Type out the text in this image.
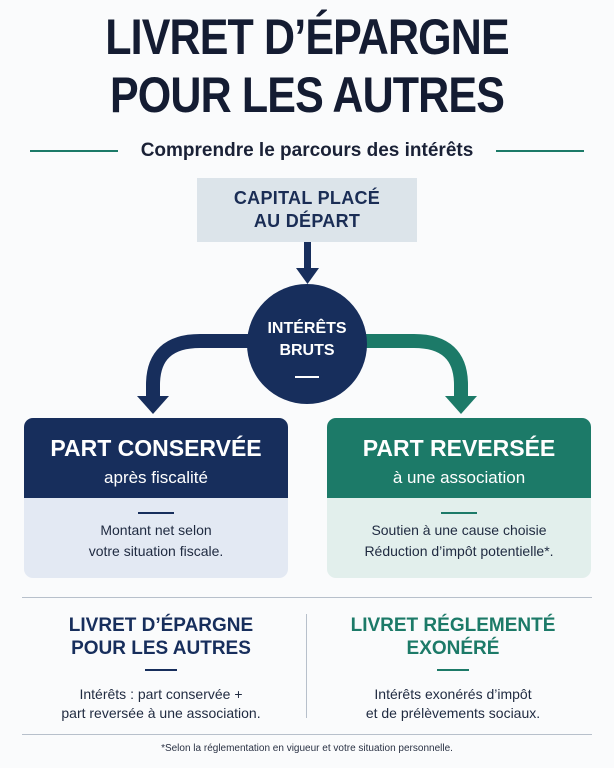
LIVRET D’ÉPARGNE
POUR LES AUTRES
Comprendre le parcours des intérêts
CAPITAL PLACÉ
AU DÉPART
INTÉRÊTS
BRUTS
PART CONSERVÉE
après fiscalité
Montant net selon
votre situation fiscale.
PART REVERSÉE
à une association
Soutien à une cause choisie
Réduction d’impôt potentielle*.
LIVRET D’ÉPARGNE
POUR LES AUTRES
Intérêts : part conservée +
part reversée à une association.
LIVRET RÉGLEMENTÉ
EXONÉRÉ
Intérêts exonérés d’impôt
et de prélèvements sociaux.
*Selon la réglementation en vigueur et votre situation personnelle.
